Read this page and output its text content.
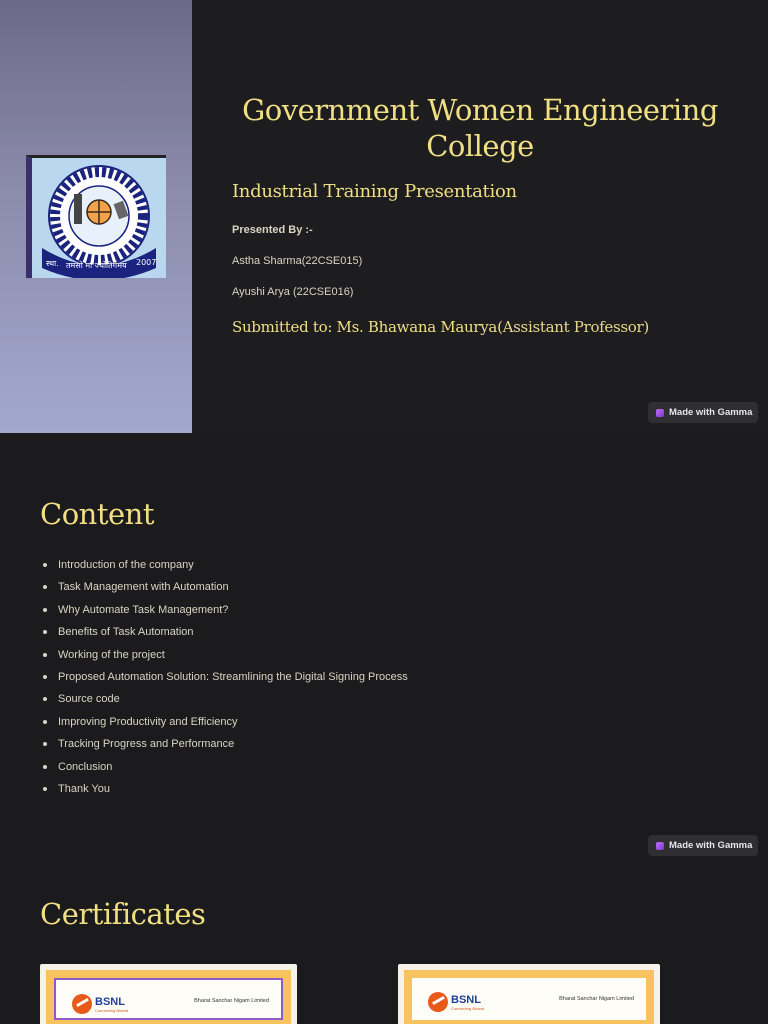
स्था. तमसो मा ज्योतिर्गमय 2007
Government Women Engineering College
Industrial Training Presentation
Presented By :-
Astha Sharma(22CSE015)
Ayushi Arya (22CSE016)
Submitted to: Ms. Bhawana Maurya(Assistant Professor)
Made with Gamma
Content
Introduction of the company
Task Management with Automation
Why Automate Task Management?
Benefits of Task Automation
Working of the project
Proposed Automation Solution: Streamlining the Digital Signing Process
Source code
Improving Productivity and Efficiency
Tracking Progress and Performance
Conclusion
Thank You
Made with Gamma
Certificates
BSNL
Connecting Bharat
Bharat Sanchar Nigam Limited	BSNL
Connecting Bharat
Bharat Sanchar Nigam Limited
